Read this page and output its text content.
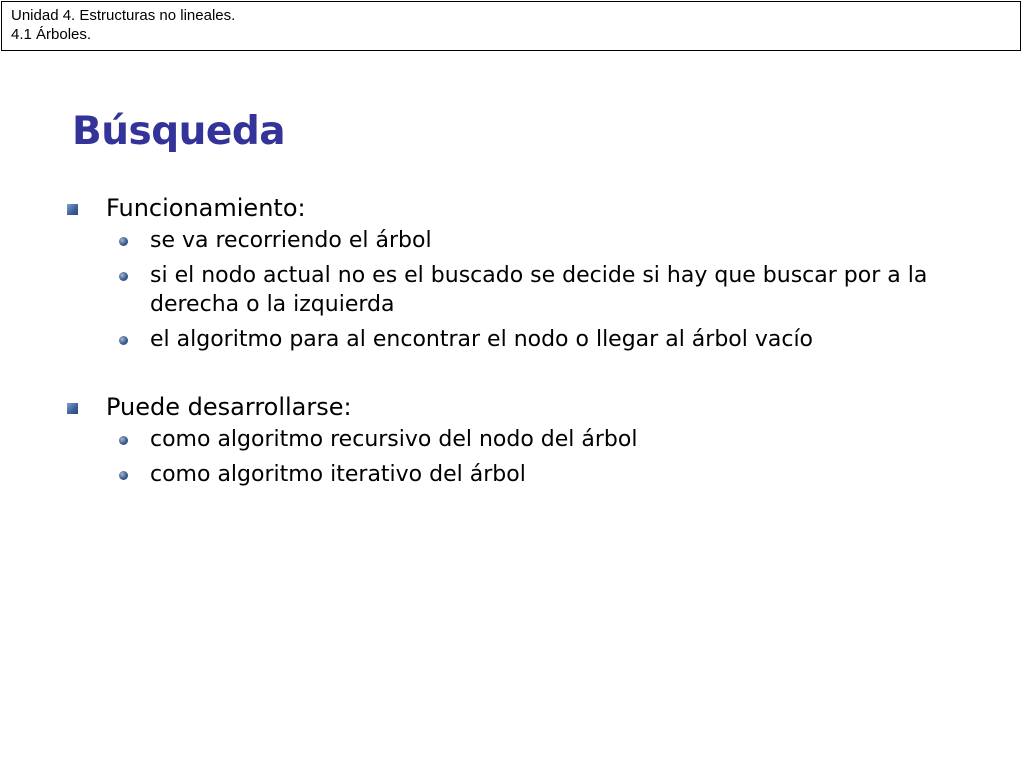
Unidad 4. Estructuras no lineales.
4.1 Árboles.
Búsqueda
Funcionamiento:
se va recorriendo el árbol
si el nodo actual no es el buscado se decide si hay que buscar por a la derecha o la izquierda
el algoritmo para al encontrar el nodo o llegar al árbol vacío
Puede desarrollarse:
como algoritmo recursivo del nodo del árbol
como algoritmo iterativo del árbol
